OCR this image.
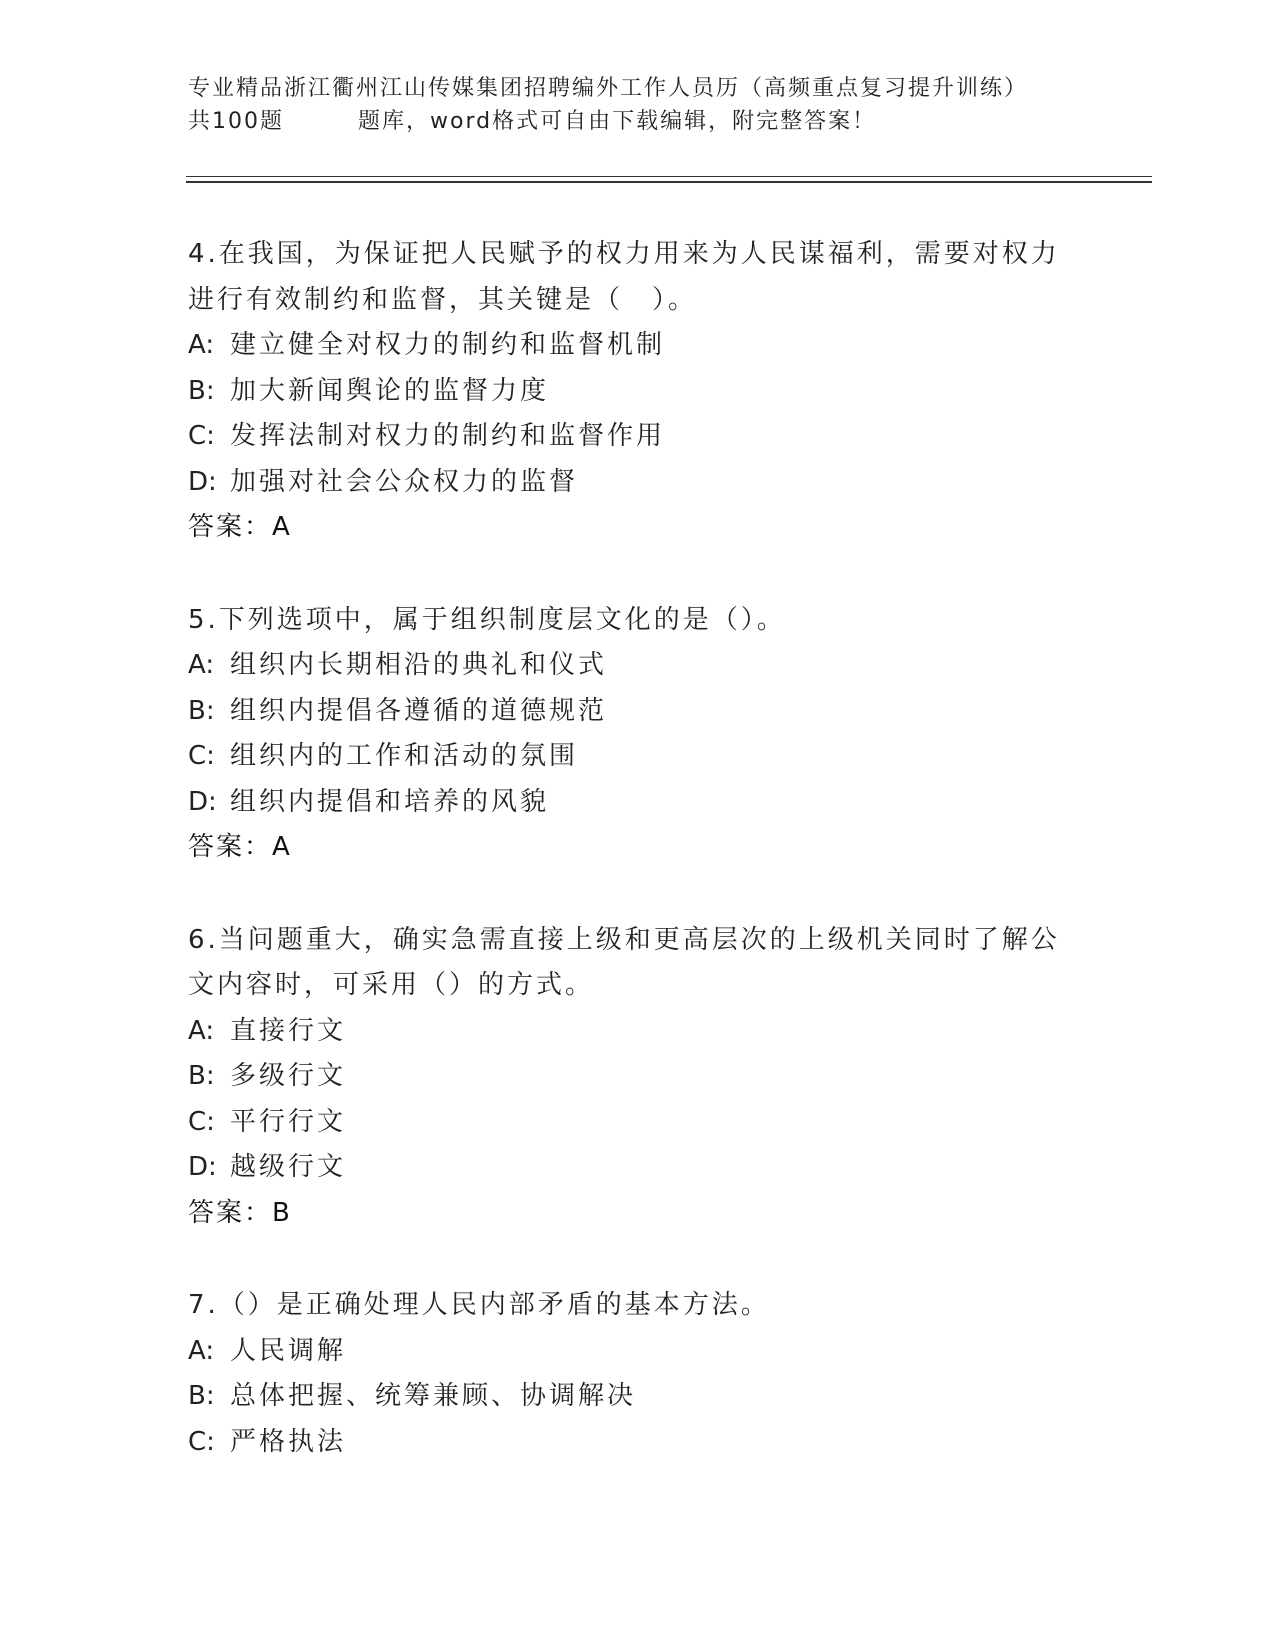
专业精品浙江衢州江山传媒集团招聘编外工作人员历（高频重点复习提升训练）
共100题	题库，word格式可自由下载编辑，附完整答案！
4.在我国，为保证把人民赋予的权力用来为人民谋福利，需要对权力
进行有效制约和监督，其关键是（　）。
A: 建立健全对权力的制约和监督机制
B: 加大新闻舆论的监督力度
C: 发挥法制对权力的制约和监督作用
D: 加强对社会公众权力的监督
答案：A
5.下列选项中，属于组织制度层文化的是（）。
A: 组织内长期相沿的典礼和仪式
B: 组织内提倡各遵循的道德规范
C: 组织内的工作和活动的氛围
D: 组织内提倡和培养的风貌
答案：A
6.当问题重大，确实急需直接上级和更高层次的上级机关同时了解公
文内容时，可采用（）的方式。
A: 直接行文
B: 多级行文
C: 平行行文
D: 越级行文
答案：B
7.（）是正确处理人民内部矛盾的基本方法。
A: 人民调解
B: 总体把握、统筹兼顾、协调解决
C: 严格执法
